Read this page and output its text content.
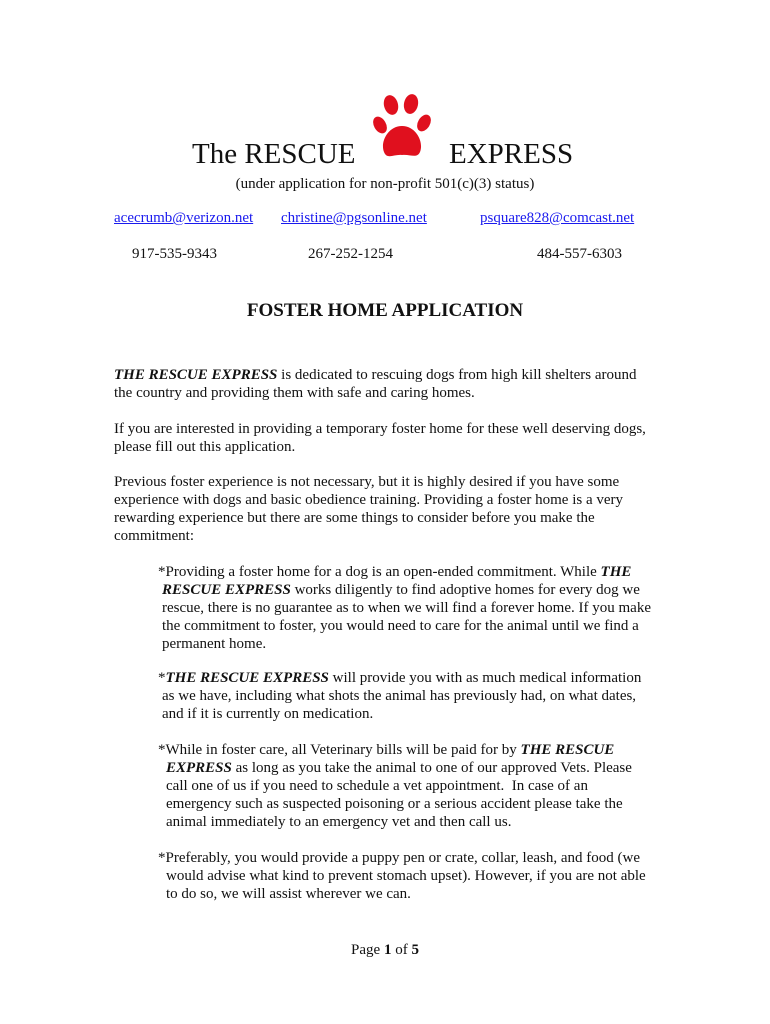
The RESCUE	EXPRESS
(under application for non-profit 501(c)(3) status)
acecrumb@verizon.net christine@pgsonline.net	psquare828@comcast.net
917-535-9343	267-252-1254	484-557-6303
FOSTER HOME APPLICATION
THE RESCUE EXPRESS is dedicated to rescuing dogs from high kill shelters around
the country and providing them with safe and caring homes.
If you are interested in providing a temporary foster home for these well deserving dogs,
please fill out this application.
Previous foster experience is not necessary, but it is highly desired if you have some
experience with dogs and basic obedience training. Providing a foster home is a very
rewarding experience but there are some things to consider before you make the
commitment:
*Providing a foster home for a dog is an open-ended commitment. While THE
RESCUE EXPRESS works diligently to find adoptive homes for every dog we
rescue, there is no guarantee as to when we will find a forever home. If you make
the commitment to foster, you would need to care for the animal until we find a
permanent home.
*THE RESCUE EXPRESS will provide you with as much medical information
as we have, including what shots the animal has previously had, on what dates,
and if it is currently on medication.
*While in foster care, all Veterinary bills will be paid for by THE RESCUE
EXPRESS as long as you take the animal to one of our approved Vets. Please
call one of us if you need to schedule a vet appointment.  In case of an
emergency such as suspected poisoning or a serious accident please take the
animal immediately to an emergency vet and then call us.
*Preferably, you would provide a puppy pen or crate, collar, leash, and food (we
would advise what kind to prevent stomach upset). However, if you are not able
to do so, we will assist wherever we can.
Page 1 of 5
